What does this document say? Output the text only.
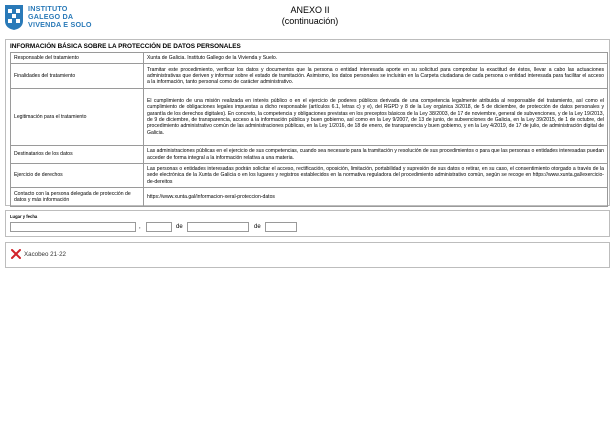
INSTITUTO
GALEGO DA
VIVENDA E SOLO
ANEXO II
(continuación)
INFORMACIÓN BÁSICA SOBRE LA PROTECCIÓN DE DATOS PERSONALES
Responsable del tratamiento	Xunta de Galicia. Instituto Gallego de la Vivienda y Suelo.
Finalidades del tratamiento	Tramitar este procedimiento, verificar los datos y documentos que la persona o entidad interesada aporte en su solicitud para comprobar la exactitud de éstos, llevar a cabo las actuaciones administrativas que deriven y informar sobre el estado de tramitación. Asimismo, los datos personales se incluirán en la Carpeta ciudadana de cada persona o entidad interesada para facilitar el acceso a la información, tanto personal como de carácter administrativo.
Legitimación para el tratamiento	El cumplimiento de una misión realizada en interés público o en el ejercicio de poderes públicos derivada de una competencia legalmente atribuida al responsable del tratamiento, así como el cumplimiento de obligaciones legales impuestas a dicho responsable (artículos 6.1, letras c) y e), del RGPD y 8 de la Ley orgánica 3/2018, de 5 de diciembre, de protección de datos personales y garantía de los derechos digitales). En concreto, la competencia y obligaciones previstas en los preceptos básicos de la Ley 38/2003, de 17 de noviembre, general de subvenciones, y de la Ley 19/2013, de 9 de diciembre, de transparencia, acceso a la información pública y buen gobierno, así como en la Ley 9/2007, de 13 de junio, de subvenciones de Galicia, en la Ley 39/2015, de 1 de octubre, del procedimiento administrativo común de las administraciones públicas, en la Ley 1/2016, de 18 de enero, de transparencia y buen gobierno, y en la Ley 4/2019, de 17 de julio, de administración digital de Galicia.
Destinatarios de los datos	Las administraciones públicas en el ejercicio de sus competencias, cuando sea necesario para la tramitación y resolución de sus procedimientos o para que las personas o entidades interesadas puedan acceder de forma integral a la información relativa a una materia.
Ejercicio de derechos	Las personas o entidades interesadas podrán solicitar el acceso, rectificación, oposición, limitación, portabilidad y supresión de sus datos o retirar, en su caso, el consentimiento otorgado a través de la sede electrónica de la Xunta de Galicia o en los lugares y registros establecidos en la normativa reguladora del procedimiento administrativo común, según se recoge en https://www.xunta.gal/exercicio-de-dereitos
Contacto con la persona delegada de protección de datos y más información	https://www.xunta.gal/informacion-xeral-proteccion-datos
Lugar y fecha
,	de	de
Xacobeo 21·22
